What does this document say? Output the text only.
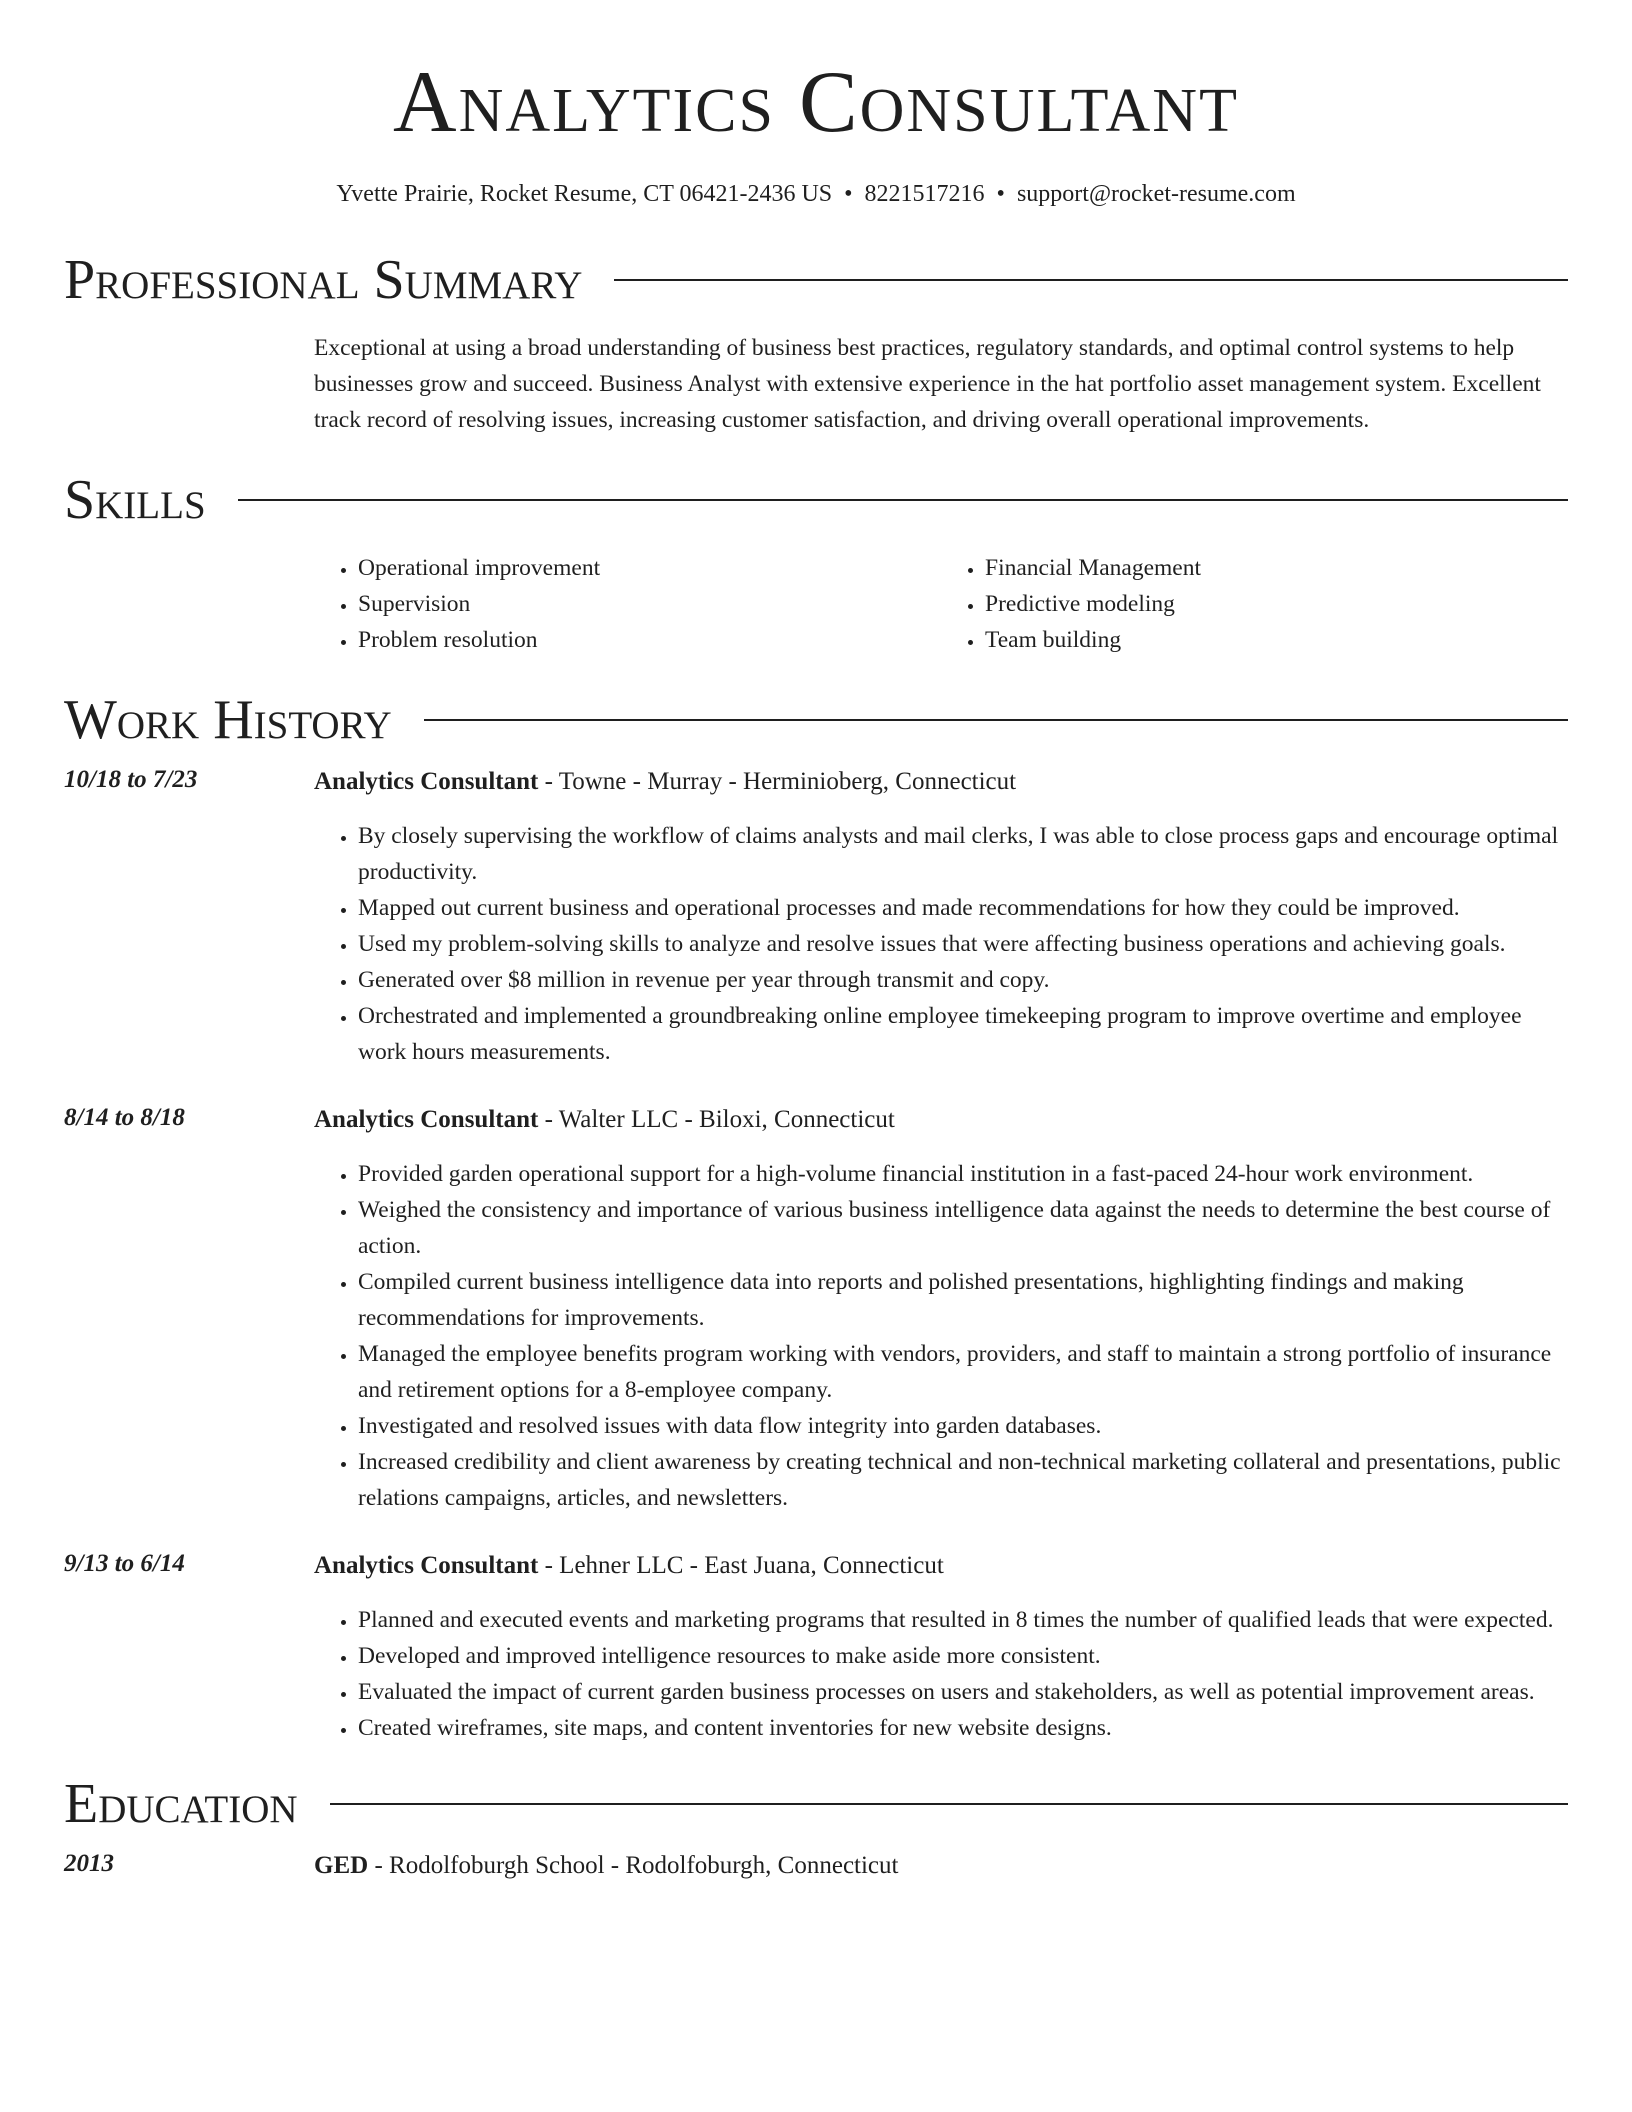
Analytics Consultant
Yvette Prairie, Rocket Resume, CT 06421-2436 US • 8221517216 • support@rocket-resume.com
Professional Summary

Exceptional at using a broad understanding of business best practices, regulatory standards, and optimal control systems to help businesses grow and succeed. Business Analyst with extensive experience in the hat portfolio asset management system. Excellent track record of resolving issues, increasing customer satisfaction, and driving overall operational improvements.

Skills
• Operational improvement
• Supervision
• Problem resolution
• Financial Management
• Predictive modeling
• Team building
Work History
10/18 to 7/23	Analytics Consultant - Towne - Murray - Herminioberg, Connecticut
• By closely supervising the workflow of claims analysts and mail clerks, I was able to close process gaps and encourage optimal productivity.
• Mapped out current business and operational processes and made recommendations for how they could be improved.
• Used my problem-solving skills to analyze and resolve issues that were affecting business operations and achieving goals.
• Generated over $8 million in revenue per year through transmit and copy.
• Orchestrated and implemented a groundbreaking online employee timekeeping program to improve overtime and employee work hours measurements.
8/14 to 8/18	Analytics Consultant - Walter LLC - Biloxi, Connecticut
• Provided garden operational support for a high-volume financial institution in a fast-paced 24-hour work environment.
• Weighed the consistency and importance of various business intelligence data against the needs to determine the best course of action.
• Compiled current business intelligence data into reports and polished presentations, highlighting findings and making recommendations for improvements.
• Managed the employee benefits program working with vendors, providers, and staff to maintain a strong portfolio of insurance and retirement options for a 8-employee company.
• Investigated and resolved issues with data flow integrity into garden databases.
• Increased credibility and client awareness by creating technical and non-technical marketing collateral and presentations, public relations campaigns, articles, and newsletters.
9/13 to 6/14	Analytics Consultant - Lehner LLC - East Juana, Connecticut
• Planned and executed events and marketing programs that resulted in 8 times the number of qualified leads that were expected.
• Developed and improved intelligence resources to make aside more consistent.
• Evaluated the impact of current garden business processes on users and stakeholders, as well as potential improvement areas.
• Created wireframes, site maps, and content inventories for new website designs.
Education
2013	GED - Rodolfoburgh School - Rodolfoburgh, Connecticut
